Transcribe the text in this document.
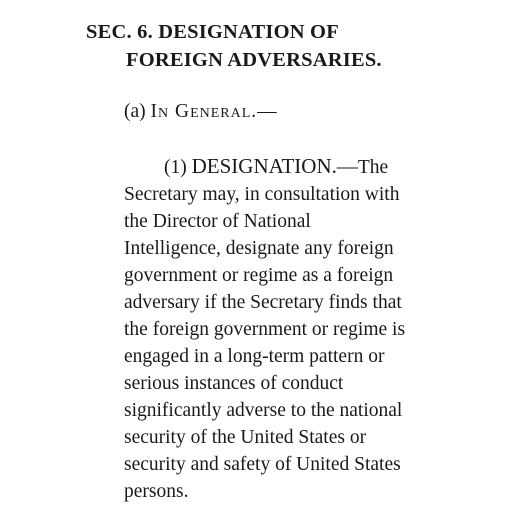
SEC. 6. DESIGNATION OF
FOREIGN ADVERSARIES.
(a) In General.—
(1) DESIGNATION.—The
Secretary may, in consultation with
the Director of National
Intelligence, designate any foreign
government or regime as a foreign
adversary if the Secretary finds that
the foreign government or regime is
engaged in a long-term pattern or
serious instances of conduct
significantly adverse to the national
security of the United States or
security and safety of United States
persons.
